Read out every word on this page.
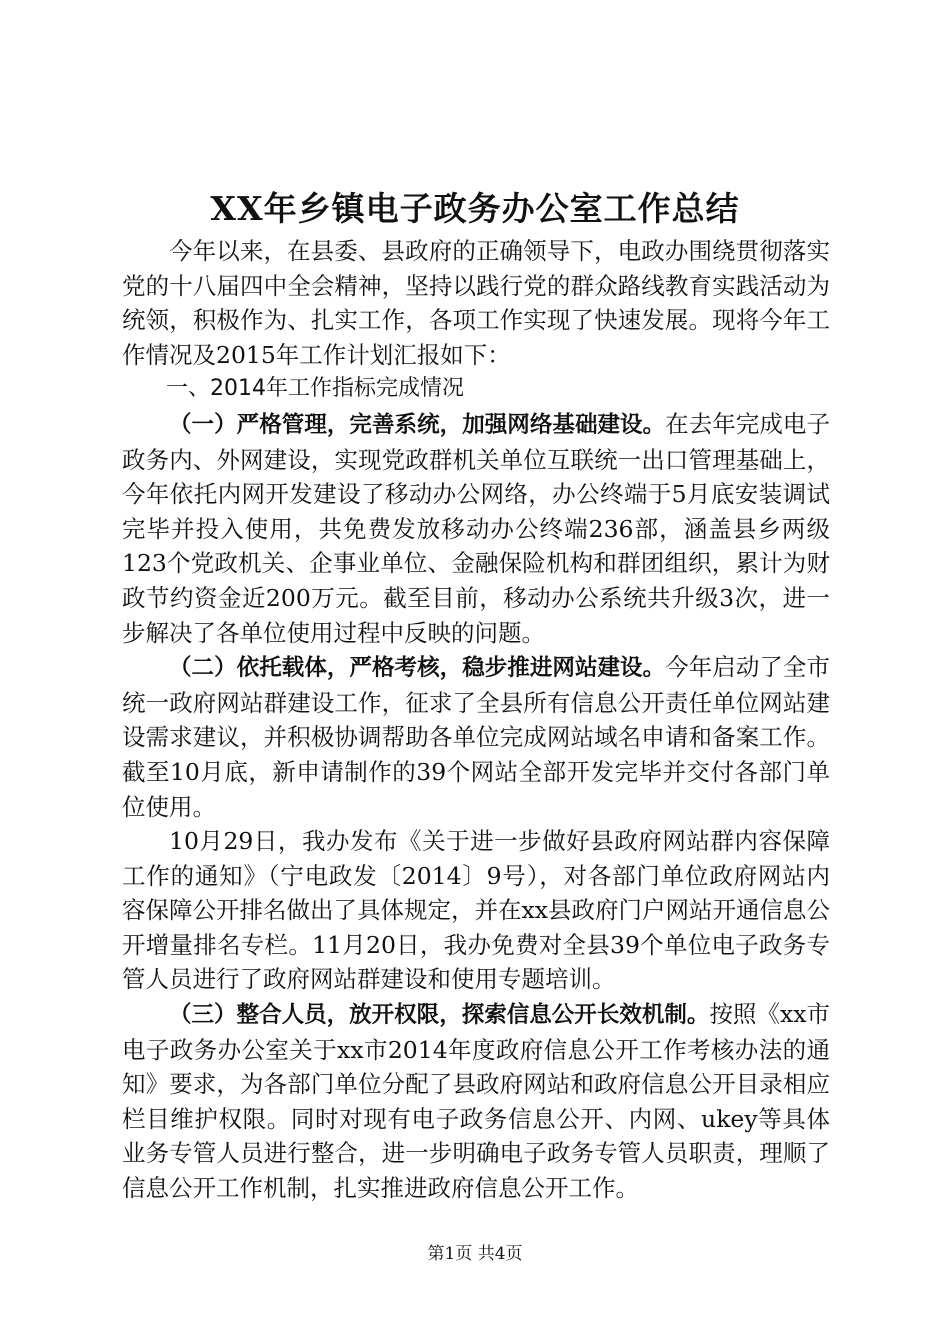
XX年乡镇电子政务办公室工作总结

今年以来，在县委、县政府的正确领导下，电政办围绕贯彻落实党的十八届四中全会精神，坚持以践行党的群众路线教育实践活动为统领，积极作为、扎实工作，各项工作实现了快速发展。现将今年工作情况及2015年工作计划汇报如下：

一、2014年工作指标完成情况

（一）严格管理，完善系统，加强网络基础建设。在去年完成电子政务内、外网建设，实现党政群机关单位互联统一出口管理基础上，今年依托内网开发建设了移动办公网络，办公终端于5月底安装调试完毕并投入使用，共免费发放移动办公终端236部，涵盖县乡两级123个党政机关、企事业单位、金融保险机构和群团组织，累计为财政节约资金近200万元。截至目前，移动办公系统共升级3次，进一步解决了各单位使用过程中反映的问题。

（二）依托载体，严格考核，稳步推进网站建设。今年启动了全市统一政府网站群建设工作，征求了全县所有信息公开责任单位网站建设需求建议，并积极协调帮助各单位完成网站域名申请和备案工作。截至10月底，新申请制作的39个网站全部开发完毕并交付各部门单位使用。

10月29日，我办发布《关于进一步做好县政府网站群内容保障工作的通知》（宁电政发〔2014〕9号），对各部门单位政府网站内容保障公开排名做出了具体规定，并在xx县政府门户网站开通信息公开增量排名专栏。11月20日，我办免费对全县39个单位电子政务专管人员进行了政府网站群建设和使用专题培训。

（三）整合人员，放开权限，探索信息公开长效机制。按照《xx市电子政务办公室关于xx市2014年度政府信息公开工作考核办法的通知》要求，为各部门单位分配了县政府网站和政府信息公开目录相应栏目维护权限。同时对现有电子政务信息公开、内网、ukey等具体业务专管人员进行整合，进一步明确电子政务专管人员职责，理顺了信息公开工作机制，扎实推进政府信息公开工作。

第1页 共4页
